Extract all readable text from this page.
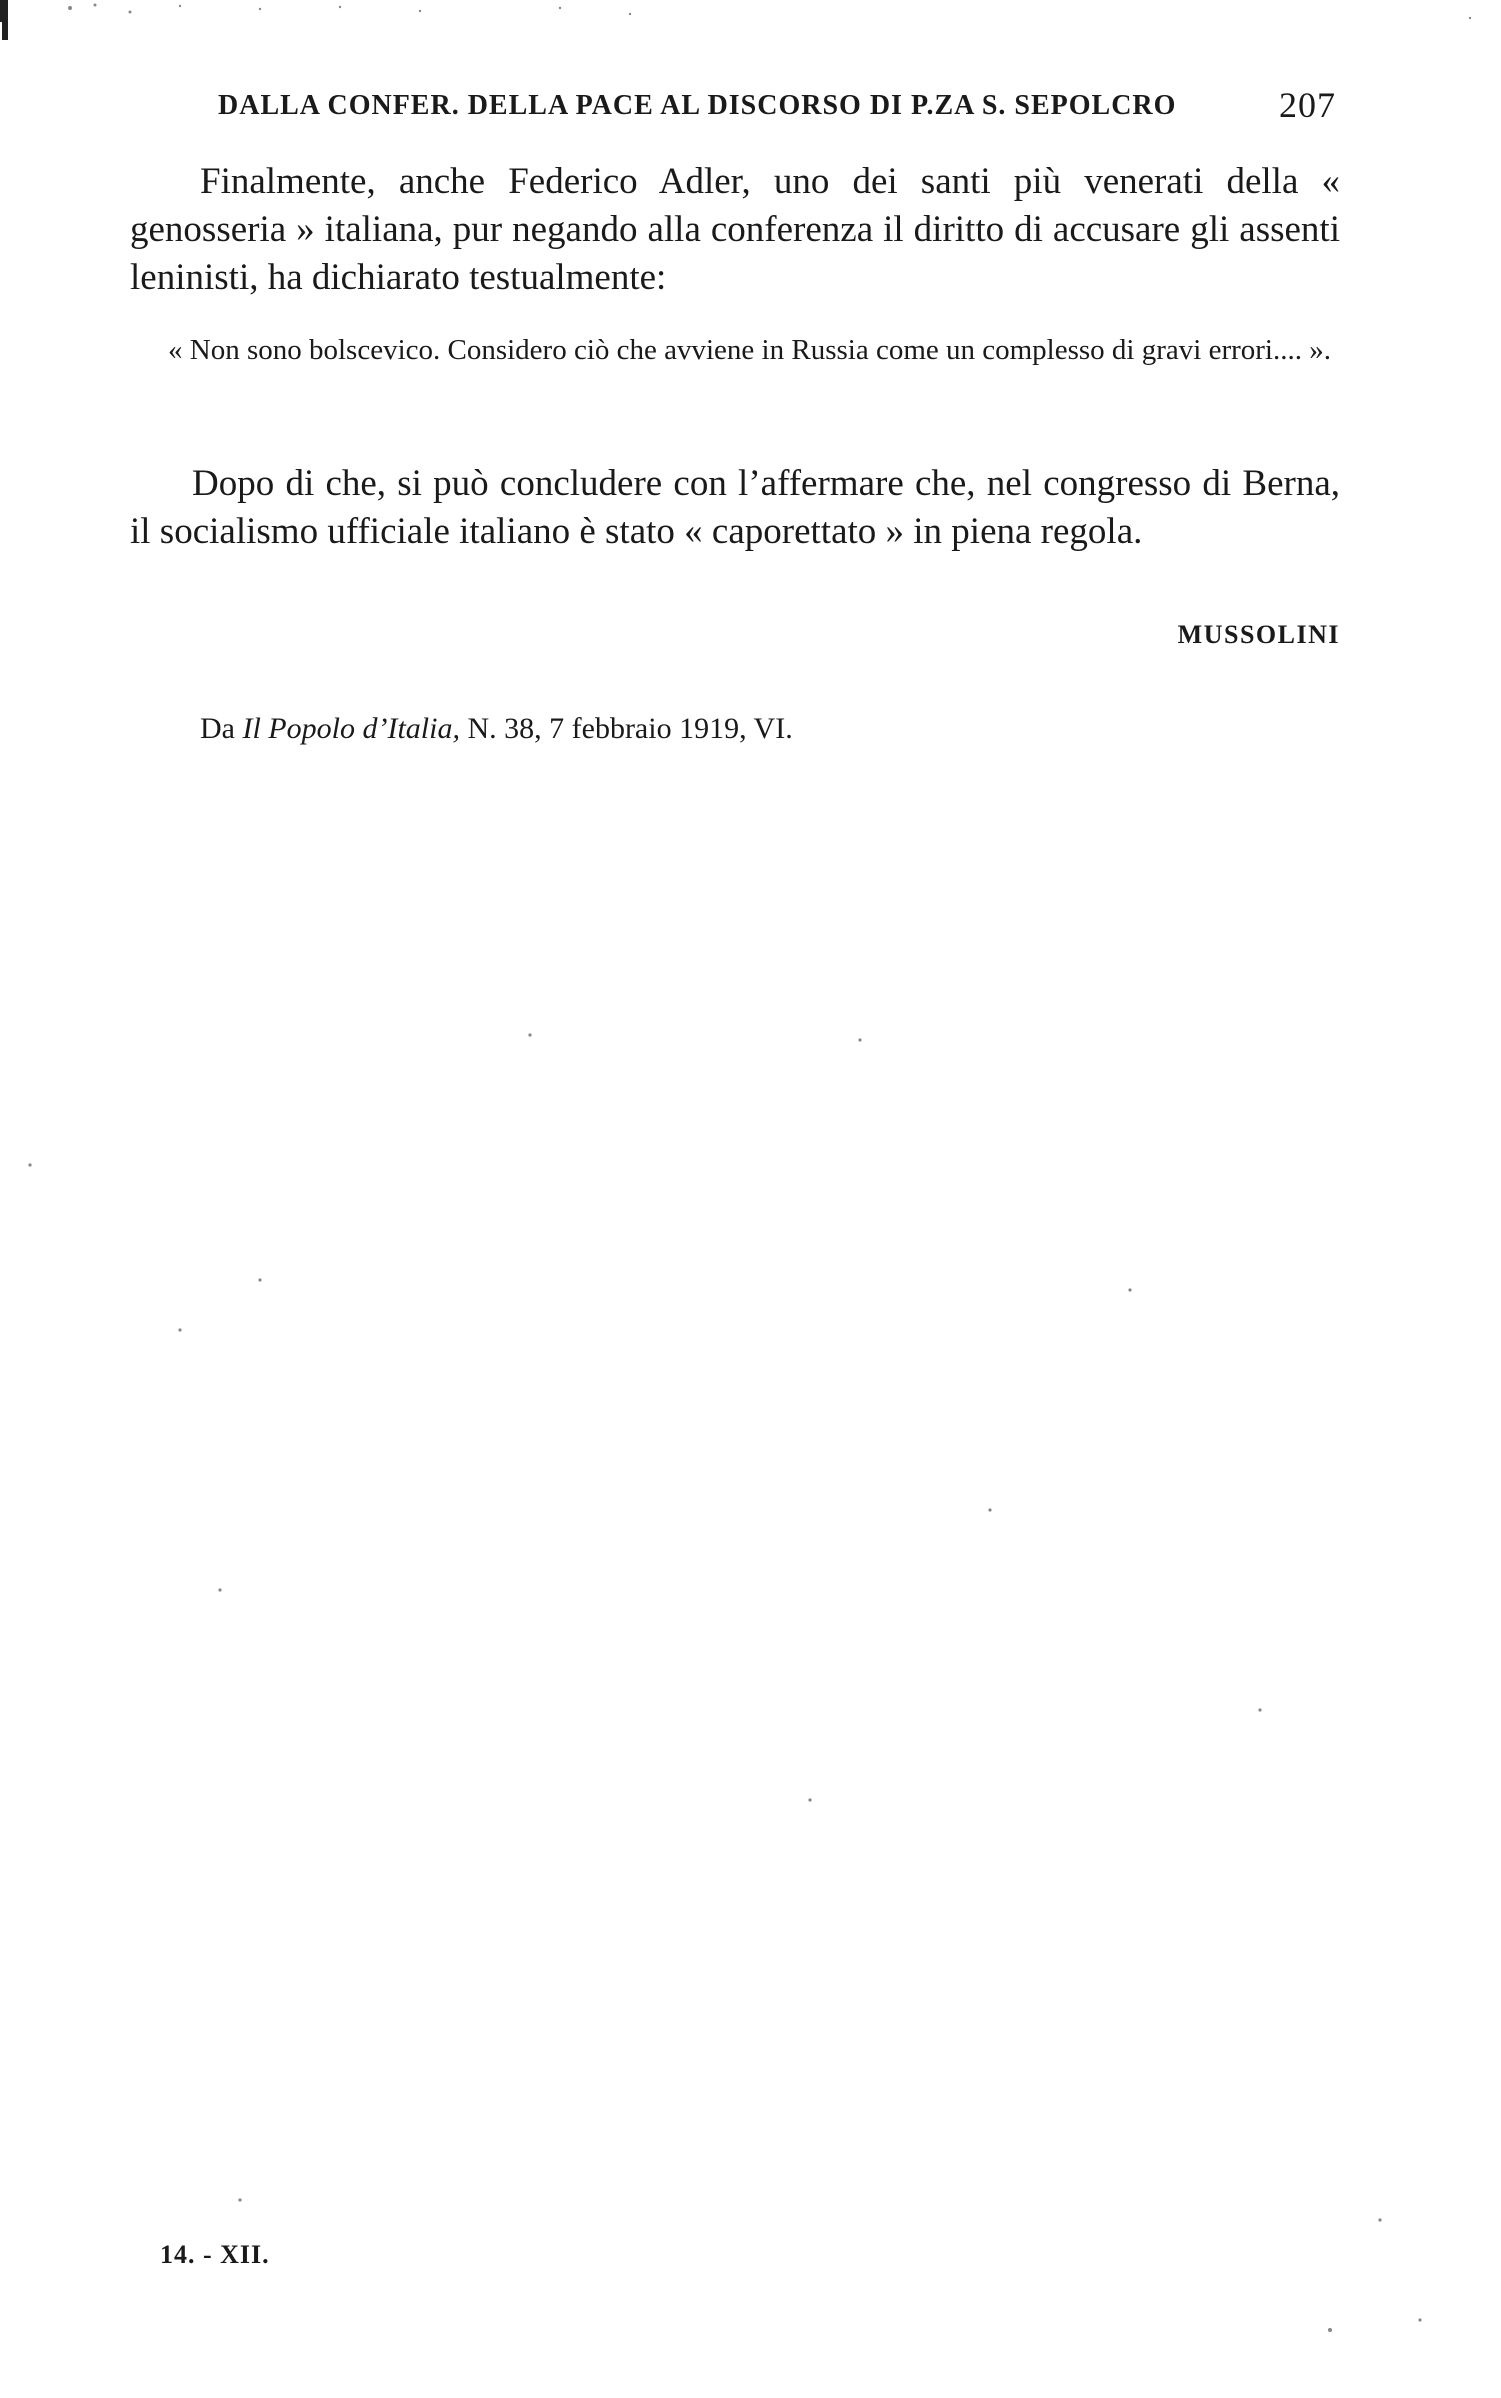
DALLA CONFER. DELLA PACE AL DISCORSO DI P.ZA S. SEPOLCRO	207

Finalmente, anche Federico Adler, uno dei santi più venerati della « genosseria » italiana, pur negando alla conferenza il diritto di accusare gli assenti leninisti, ha dichiarato testualmente:

« Non sono bolscevico. Considero ciò che avviene in Russia come un complesso di gravi errori.... ».

Dopo di che, si può concludere con l’affermare che, nel congresso di Berna, il socialismo ufficiale italiano è stato « caporettato » in piena regola.

MUSSOLINI
Da Il Popolo d’Italia, N. 38, 7 febbraio 1919, VI.
14. - XII.
